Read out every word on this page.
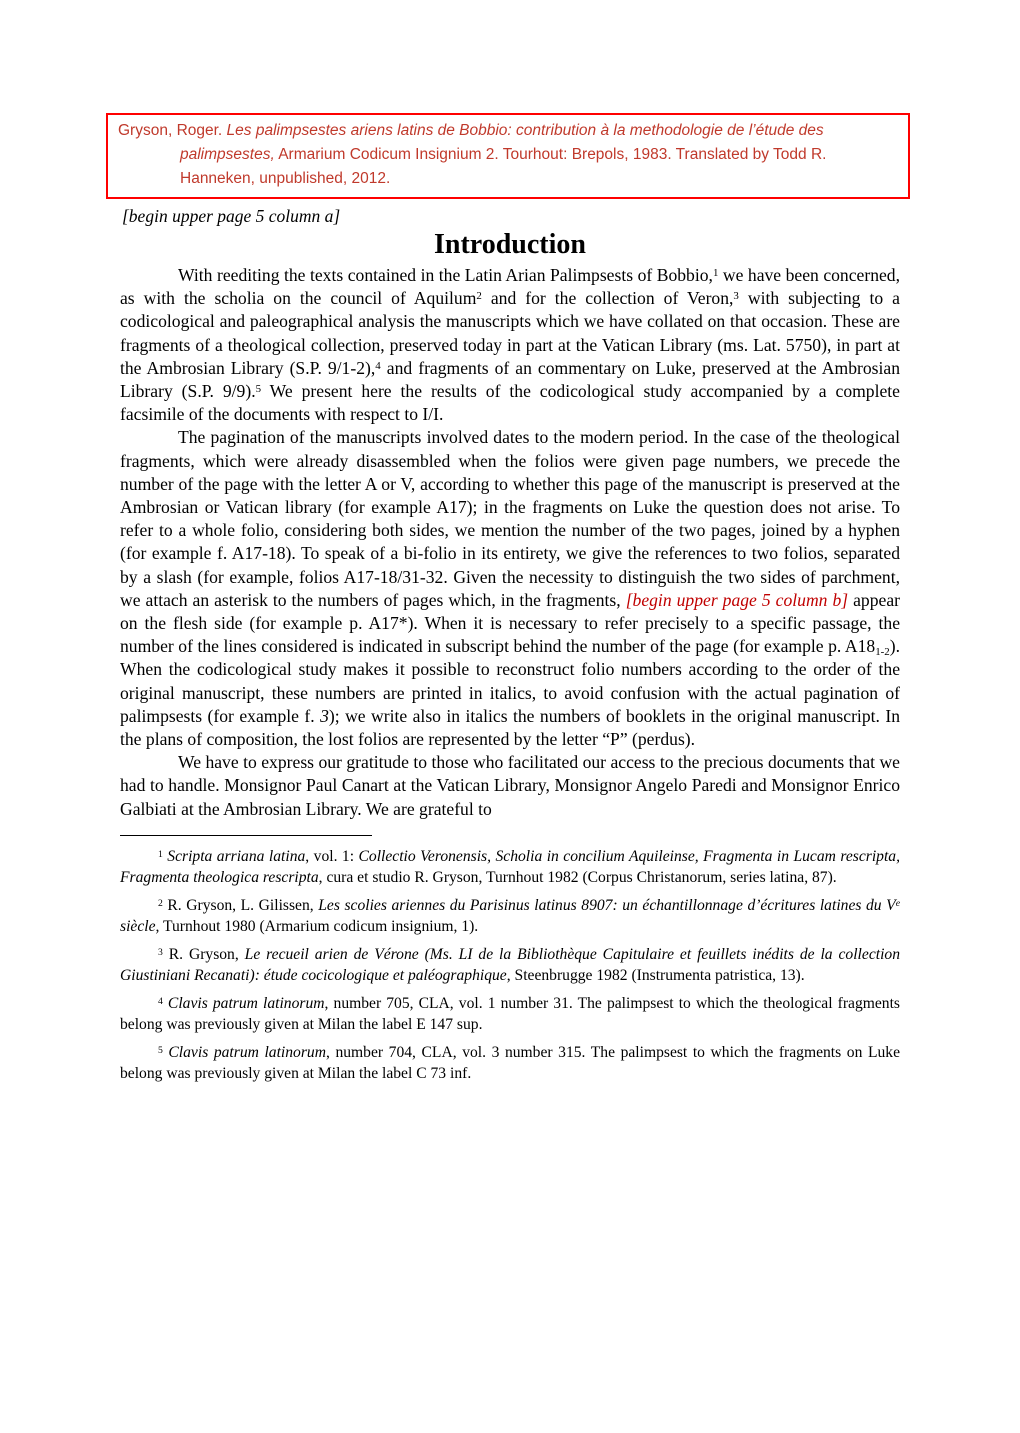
Gryson, Roger. Les palimpsestes ariens latins de Bobbio: contribution à la methodologie de l’étude des palimpsestes, Armarium Codicum Insignium 2. Tourhout: Brepols, 1983. Translated by Todd R. Hanneken, unpublished, 2012.

[begin upper page 5 column a]

Introduction

With reediting the texts contained in the Latin Arian Palimpsests of Bobbio,$^1$ we have been concerned, as with the scholia on the council of Aquilum$^2$ and for the collection of Veron,$^3$ with subjecting to a codicological and paleographical analysis the manuscripts which we have collated on that occasion. These are fragments of a theological collection, preserved today in part at the Vatican Library (ms. Lat. 5750), in part at the Ambrosian Library (S.P. 9/1-2),$^4$ and fragments of an commentary on Luke, preserved at the Ambrosian Library (S.P. 9/9).$^5$ We present here the results of the codicological study accompanied by a complete facsimile of the documents with respect to I/I.

The pagination of the manuscripts involved dates to the modern period. In the case of the theological fragments, which were already disassembled when the folios were given page numbers, we precede the number of the page with the letter A or V, according to whether this page of the manuscript is preserved at the Ambrosian or Vatican library (for example A17); in the fragments on Luke the question does not arise. To refer to a whole folio, considering both sides, we mention the number of the two pages, joined by a hyphen (for example f. A17-18). To speak of a bi-folio in its entirety, we give the references to two folios, separated by a slash (for example, folios A17-18/31-32. Given the necessity to distinguish the two sides of parchment, we attach an asterisk to the numbers of pages which, in the fragments, [begin upper page 5 column b] appear on the flesh side (for example p. A17*). When it is necessary to refer precisely to a specific passage, the number of the lines considered is indicated in subscript behind the number of the page (for example p. A181-2). When the codicological study makes it possible to reconstruct folio numbers according to the order of the original manuscript, these numbers are printed in italics, to avoid confusion with the actual pagination of palimpsests (for example f. 3); we write also in italics the numbers of booklets in the original manuscript. In the plans of composition, the lost folios are represented by the letter “P” (perdus).

We have to express our gratitude to those who facilitated our access to the precious documents that we had to handle. Monsignor Paul Canart at the Vatican Library, Monsignor Angelo Paredi and Monsignor Enrico Galbiati at the Ambrosian Library. We are grateful to

$^1$ Scripta arriana latina, vol. 1: Collectio Veronensis, Scholia in concilium Aquileinse, Fragmenta in Lucam rescripta, Fragmenta theologica rescripta, cura et studio R. Gryson, Turnhout 1982 (Corpus Christanorum, series latina, 87).

$^2$ R. Gryson, L. Gilissen, Les scolies ariennes du Parisinus latinus 8907: un échantillonnage d’écritures latines du Ve siècle, Turnhout 1980 (Armarium codicum insignium, 1).

$^3$ R. Gryson, Le recueil arien de Vérone (Ms. LI de la Bibliothèque Capitulaire et feuillets inédits de la collection Giustiniani Recanati): étude cocicologique et paléographique, Steenbrugge 1982 (Instrumenta patristica, 13).

$^4$ Clavis patrum latinorum, number 705, CLA, vol. 1 number 31. The palimpsest to which the theological fragments belong was previously given at Milan the label E 147 sup.

$^5$ Clavis patrum latinorum, number 704, CLA, vol. 3 number 315. The palimpsest to which the fragments on Luke belong was previously given at Milan the label C 73 inf.
